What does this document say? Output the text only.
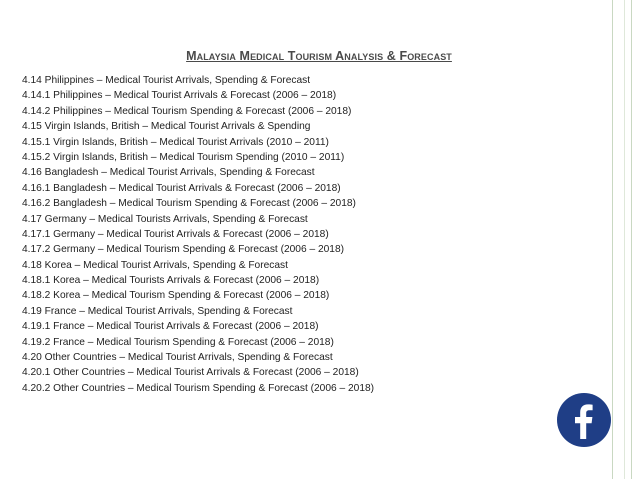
Malaysia Medical Tourism Analysis & Forecast
4.14 Philippines – Medical Tourist Arrivals, Spending & Forecast
4.14.1 Philippines – Medical Tourist Arrivals & Forecast (2006 – 2018)
4.14.2 Philippines – Medical Tourism Spending & Forecast (2006 – 2018)
4.15 Virgin Islands, British – Medical Tourist Arrivals & Spending
4.15.1 Virgin Islands, British – Medical Tourist Arrivals (2010 – 2011)
4.15.2 Virgin Islands, British – Medical Tourism Spending (2010 – 2011)
4.16 Bangladesh – Medical Tourist Arrivals, Spending & Forecast
4.16.1 Bangladesh – Medical Tourist Arrivals & Forecast (2006 – 2018)
4.16.2 Bangladesh – Medical Tourism Spending & Forecast (2006 – 2018)
4.17 Germany – Medical Tourists Arrivals, Spending & Forecast
4.17.1 Germany – Medical Tourist Arrivals & Forecast (2006 – 2018)
4.17.2 Germany – Medical Tourism Spending & Forecast (2006 – 2018)
4.18 Korea – Medical Tourist Arrivals, Spending & Forecast
4.18.1 Korea – Medical Tourists Arrivals & Forecast (2006 – 2018)
4.18.2 Korea – Medical Tourism Spending & Forecast (2006 – 2018)
4.19 France – Medical Tourist Arrivals, Spending & Forecast
4.19.1 France – Medical Tourist Arrivals & Forecast (2006 – 2018)
4.19.2 France – Medical Tourism Spending & Forecast (2006 – 2018)
4.20 Other Countries – Medical Tourist Arrivals, Spending & Forecast
4.20.1 Other Countries – Medical Tourist Arrivals & Forecast (2006 – 2018)
4.20.2 Other Countries – Medical Tourism Spending & Forecast (2006 – 2018)
